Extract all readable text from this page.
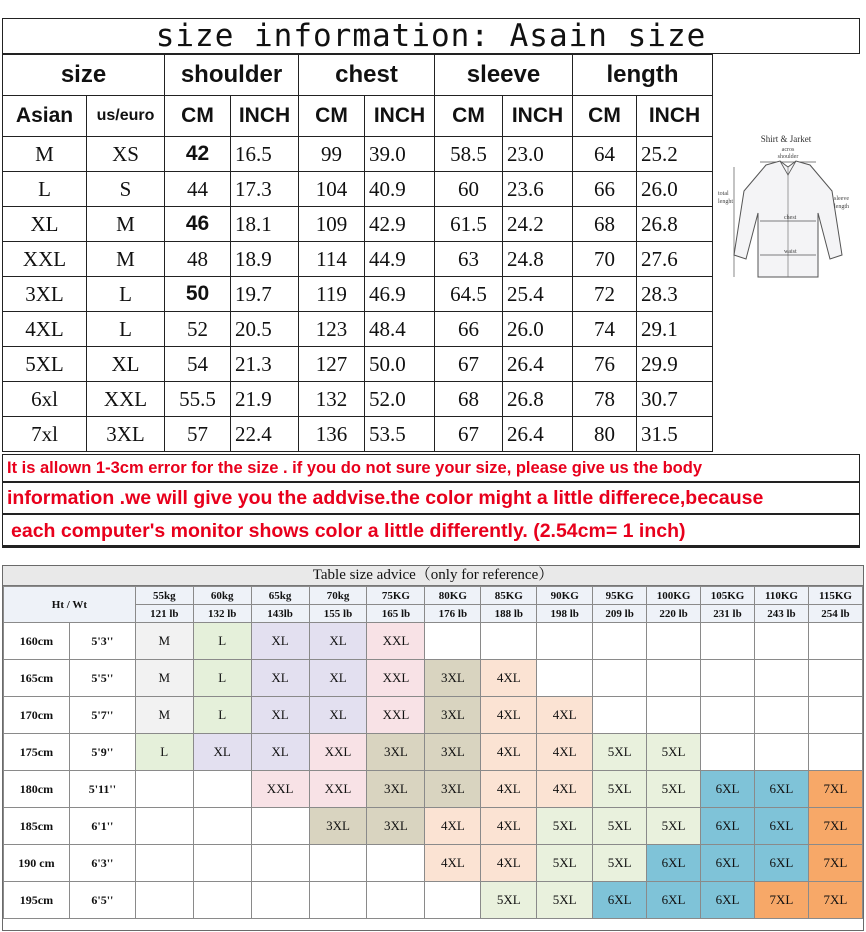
size information: Asain size
size		shoulder		chest		sleeve		length	
Asian	us/euro	CM	INCH	CM	INCH	CM	INCH	CM	INCH
M	XS	42	16.5	99	39.0	58.5	23.0	64	25.2
L	S	44	17.3	104	40.9	60	23.6	66	26.0
XL	M	46	18.1	109	42.9	61.5	24.2	68	26.8
XXL	M	48	18.9	114	44.9	63	24.8	70	27.6
3XL	L	50	19.7	119	46.9	64.5	25.4	72	28.3
4XL	L	52	20.5	123	48.4	66	26.0	74	29.1
5XL	XL	54	21.3	127	50.0	67	26.4	76	29.9
6xl	XXL	55.5	21.9	132	52.0	68	26.8	78	30.7
7xl	3XL	57	22.4	136	53.5	67	26.4	80	31.5
Shirt & Jarket
acros
shoulder
total
lenght	sleeve
length
chest
waist
It is allown 1-3cm error for the size . if you do not sure your size, please give us the body
information .we will give you the addvise.the color might a little differece,because
each computer's monitor shows color a little differently. (2.54cm= 1 inch)
Table size advice（only for reference）
Ht / Wt		55kg	60kg	65kg	70kg	75KG	80KG	85KG	90KG	95KG	100KG	105KG	110KG	115KG
		121 lb	132 lb	143lb	155 lb	165 lb	176 lb	188 lb	198 lb	209 lb	220 lb	231 lb	243 lb	254 lb
160cm	5'3''	M	L	XL	XL	XXL								
165cm	5'5''	M	L	XL	XL	XXL	3XL	4XL						
170cm	5'7''	M	L	XL	XL	XXL	3XL	4XL	4XL					
175cm	5'9''	L	XL	XL	XXL	3XL	3XL	4XL	4XL	5XL	5XL			
180cm	5'11''			XXL	XXL	3XL	3XL	4XL	4XL	5XL	5XL	6XL	6XL	7XL
185cm	6'1''				3XL	3XL	4XL	4XL	5XL	5XL	5XL	6XL	6XL	7XL
190 cm	6'3''						4XL	4XL	5XL	5XL	6XL	6XL	6XL	7XL
195cm	6'5''							5XL	5XL	6XL	6XL	6XL	7XL	7XL
